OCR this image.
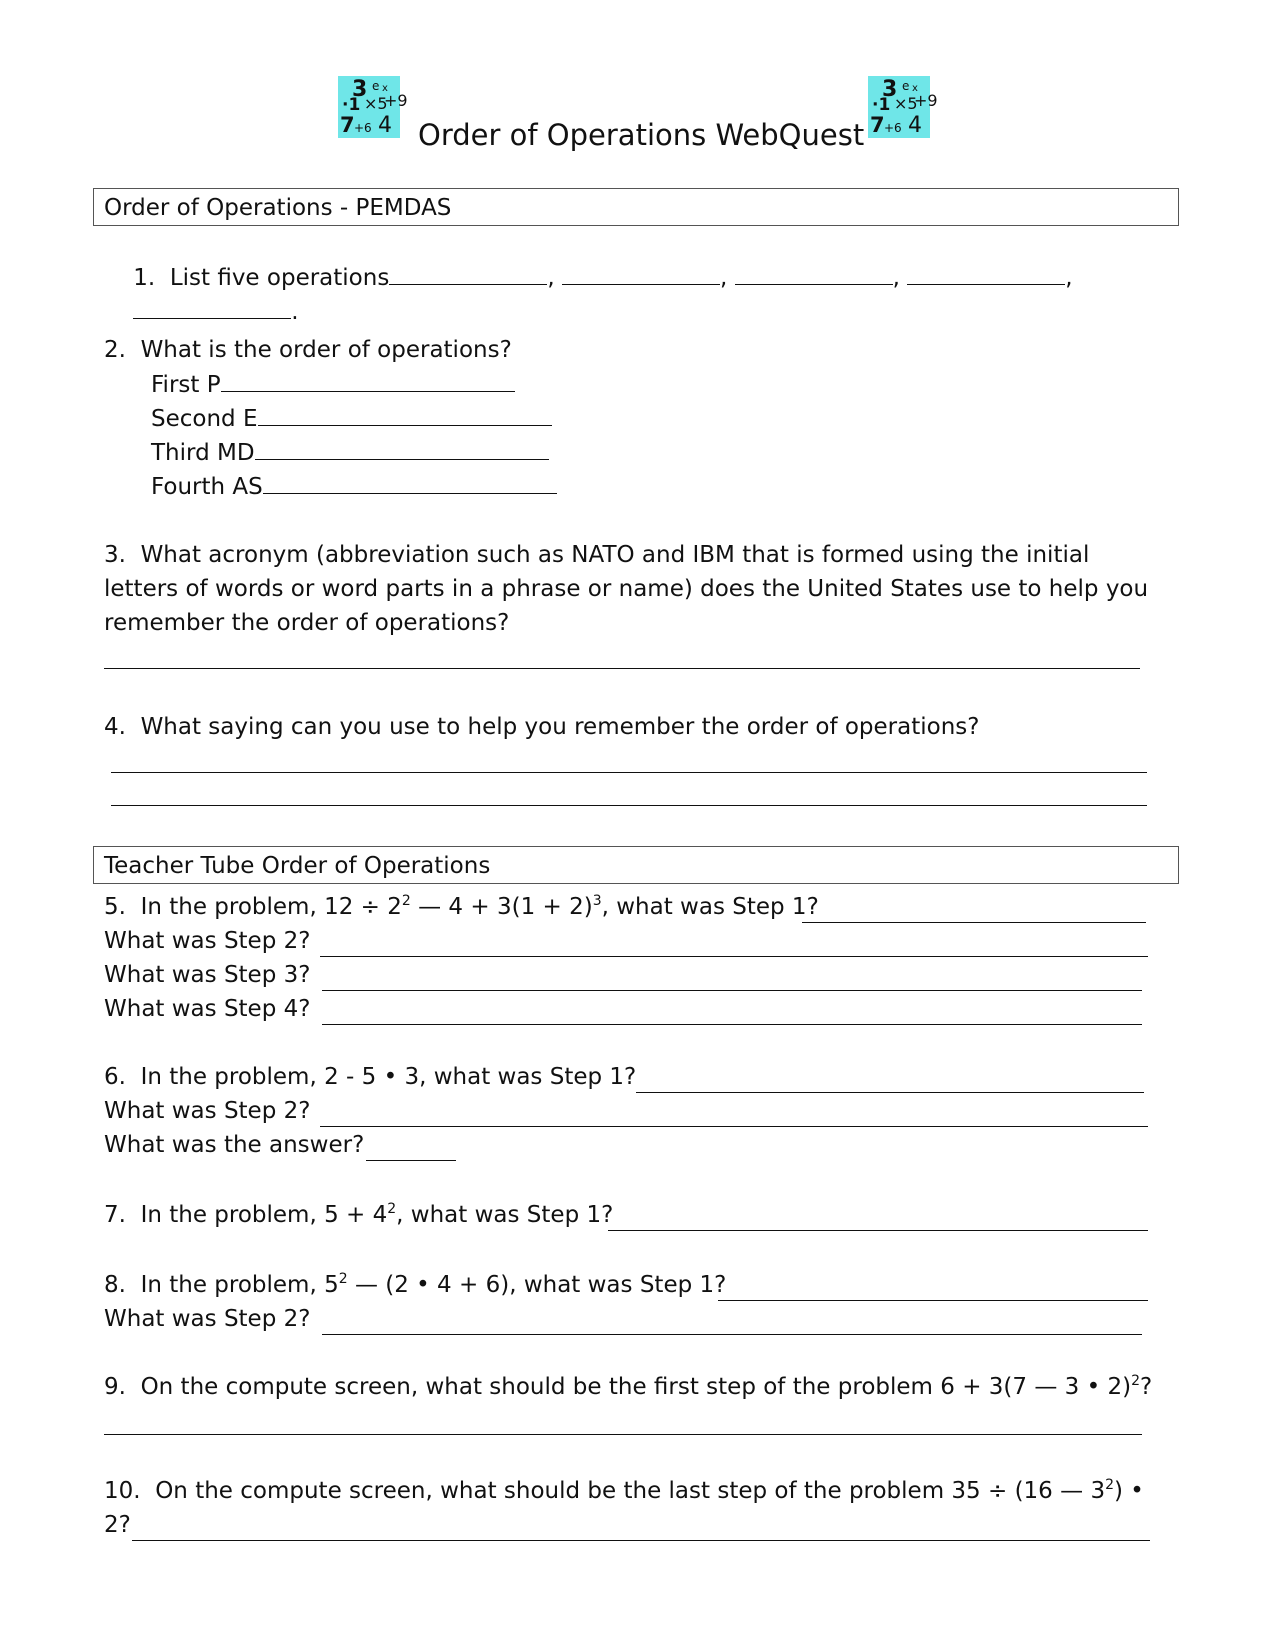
3 e x
·1 ×5
+9
7 +6 4 Order of Operations WebQuest
3 e x
·1 ×5
+9
7 +6 4
Order of Operations - PEMDAS

1.  List five operations	,	,	,	,

.

2.  What is the order of operations?
First P
Second E
Third MD
Fourth AS
3.  What acronym (abbreviation such as NATO and IBM that is formed using the initial
letters of words or word parts in a phrase or name) does the United States use to help you
remember the order of operations?
4.  What saying can you use to help you remember the order of operations?
Teacher Tube Order of Operations
5.  In the problem, $12 \div 2^2$ — $4 + 3(1 + 2)^3$, what was Step 1?
What was Step 2?
What was Step 3?
What was Step 4?
6.  In the problem, 2 - 5 • 3, what was Step 1?
What was Step 2?
What was the answer?
7.  In the problem, $5 + 4^2$, what was Step 1?
8.  In the problem, $5^2$ — (2 • 4 + 6), what was Step 1?
What was Step 2?
9.  On the compute screen, what should be the first step of the problem 6 + 3(7 — 3 • 2)$^2$?
10.  On the compute screen, what should be the last step of the problem 35 ÷ (16 — $3^2$) •
2?
